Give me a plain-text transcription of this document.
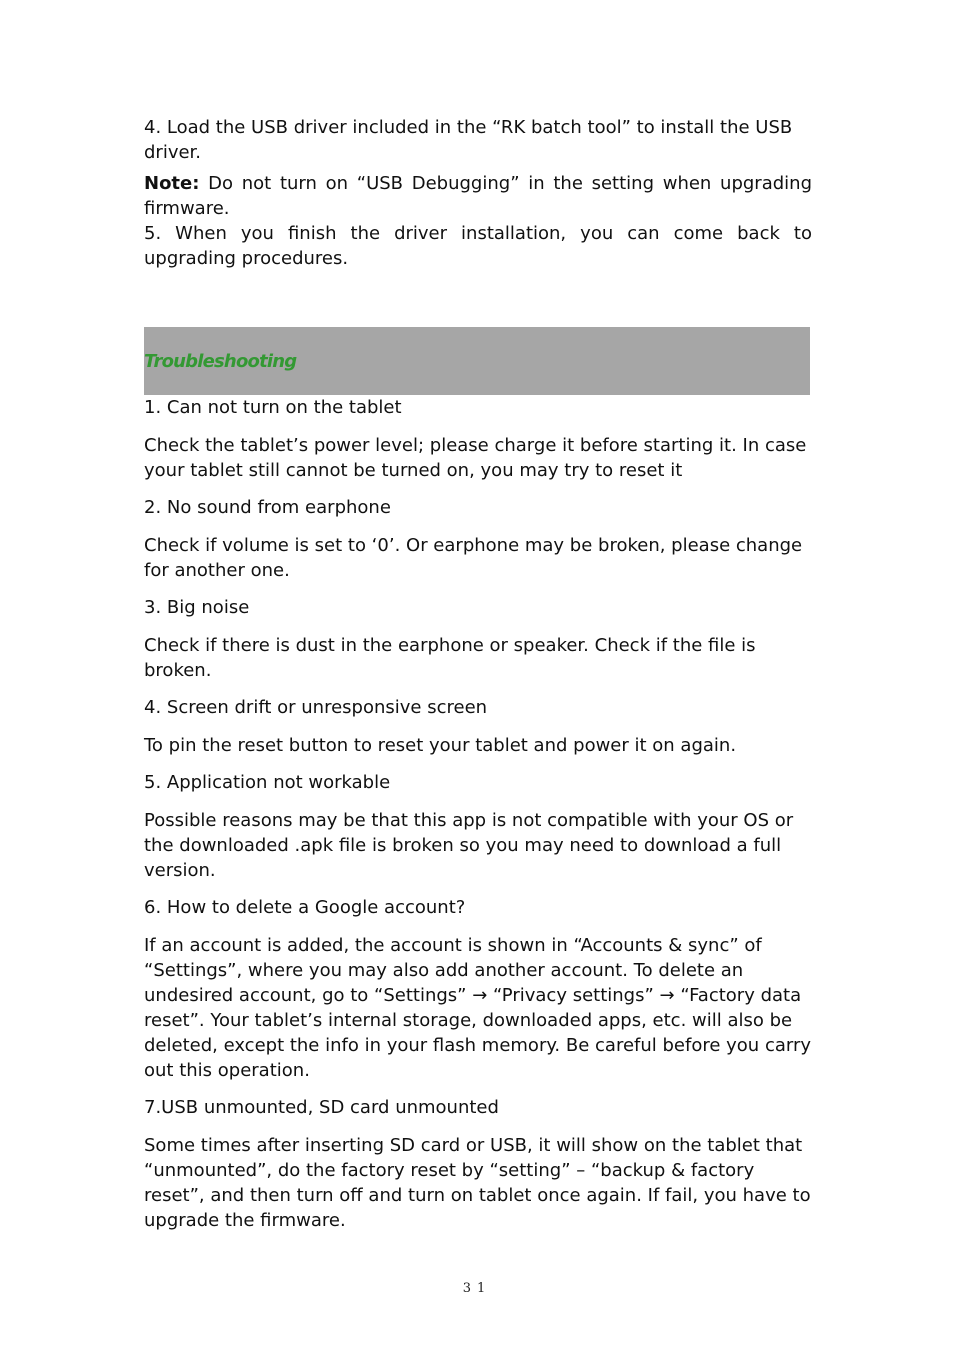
4. Load the USB driver included in the “RK batch tool” to install the USB driver.

Note: Do not turn on “USB Debugging” in the setting when upgrading firmware.

5. When you finish the driver installation, you can come back to upgrading procedures.

Troubleshooting

1. Can not turn on the tablet

Check the tablet’s power level; please charge it before starting it. In case your tablet still cannot be turned on, you may try to reset it

2. No sound from earphone

Check if volume is set to ‘0’. Or earphone may be broken, please change for another one.

3. Big noise

Check if there is dust in the earphone or speaker. Check if the file is broken.

4. Screen drift or unresponsive screen

To pin the reset button to reset your tablet and power it on again.

5. Application not workable

Possible reasons may be that this app is not compatible with your OS or the downloaded .apk file is broken so you may need to download a full version.

6. How to delete a Google account?

If an account is added, the account is shown in “Accounts & sync” of “Settings”, where you may also add another account. To delete an undesired account, go to “Settings” → “Privacy settings” → “Factory data reset”. Your tablet’s internal storage, downloaded apps, etc. will also be deleted, except the info in your flash memory. Be careful before you carry out this operation.

7.USB unmounted, SD card unmounted

Some times after inserting SD card or USB, it will show on the tablet that “unmounted”, do the factory reset by “setting” – “backup & factory reset”, and then turn off and turn on tablet once again. If fail, you have to upgrade the firmware.

31
